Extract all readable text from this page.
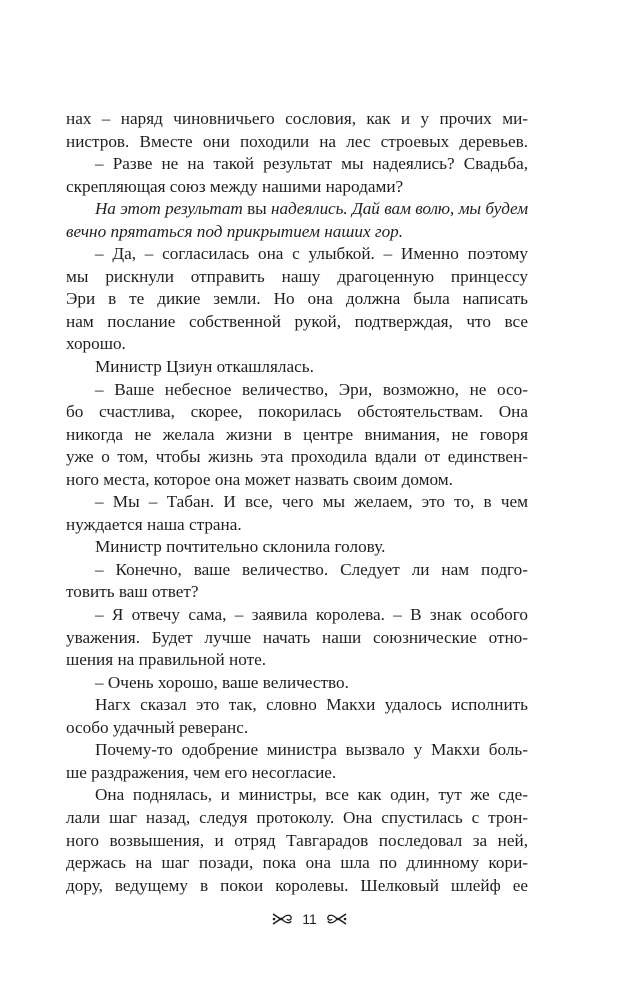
нах – наряд чиновничьего сословия, как и у прочих ми-
нистров. Вместе они походили на лес строевых деревьев.
– Разве не на такой результат мы надеялись? Свадьба,
скрепляющая союз между нашими народами?
На этот результат вы надеялись. Дай вам волю, мы будем
вечно прятаться под прикрытием наших гор.
– Да, – согласилась она с улыбкой. – Именно поэтому
мы рискнули отправить нашу драгоценную принцессу
Эри в те дикие земли. Но она должна была написать
нам послание собственной рукой, подтверждая, что все
хорошо.
Министр Цзиун откашлялась.
– Ваше небесное величество, Эри, возможно, не осо-
бо счастлива, скорее, покорилась обстоятельствам. Она
никогда не желала жизни в центре внимания, не говоря
уже о том, чтобы жизнь эта проходила вдали от единствен-
ного места, которое она может назвать своим домом.
– Мы – Табан. И все, чего мы желаем, это то, в чем
нуждается наша страна.
Министр почтительно склонила голову.
– Конечно, ваше величество. Следует ли нам подго-
товить ваш ответ?
– Я отвечу сама, – заявила королева. – В знак особого
уважения. Будет лучше начать наши союзнические отно-
шения на правильной ноте.
– Очень хорошо, ваше величество.
Нагх сказал это так, словно Макхи удалось исполнить
особо удачный реверанс.
Почему-то одобрение министра вызвало у Макхи боль-
ше раздражения, чем его несогласие.
Она поднялась, и министры, все как один, тут же сде-
лали шаг назад, следуя протоколу. Она спустилась с трон-
ного возвышения, и отряд Тавгарадов последовал за ней,
держась на шаг позади, пока она шла по длинному кори-
дору, ведущему в покои королевы. Шелковый шлейф ее
11
